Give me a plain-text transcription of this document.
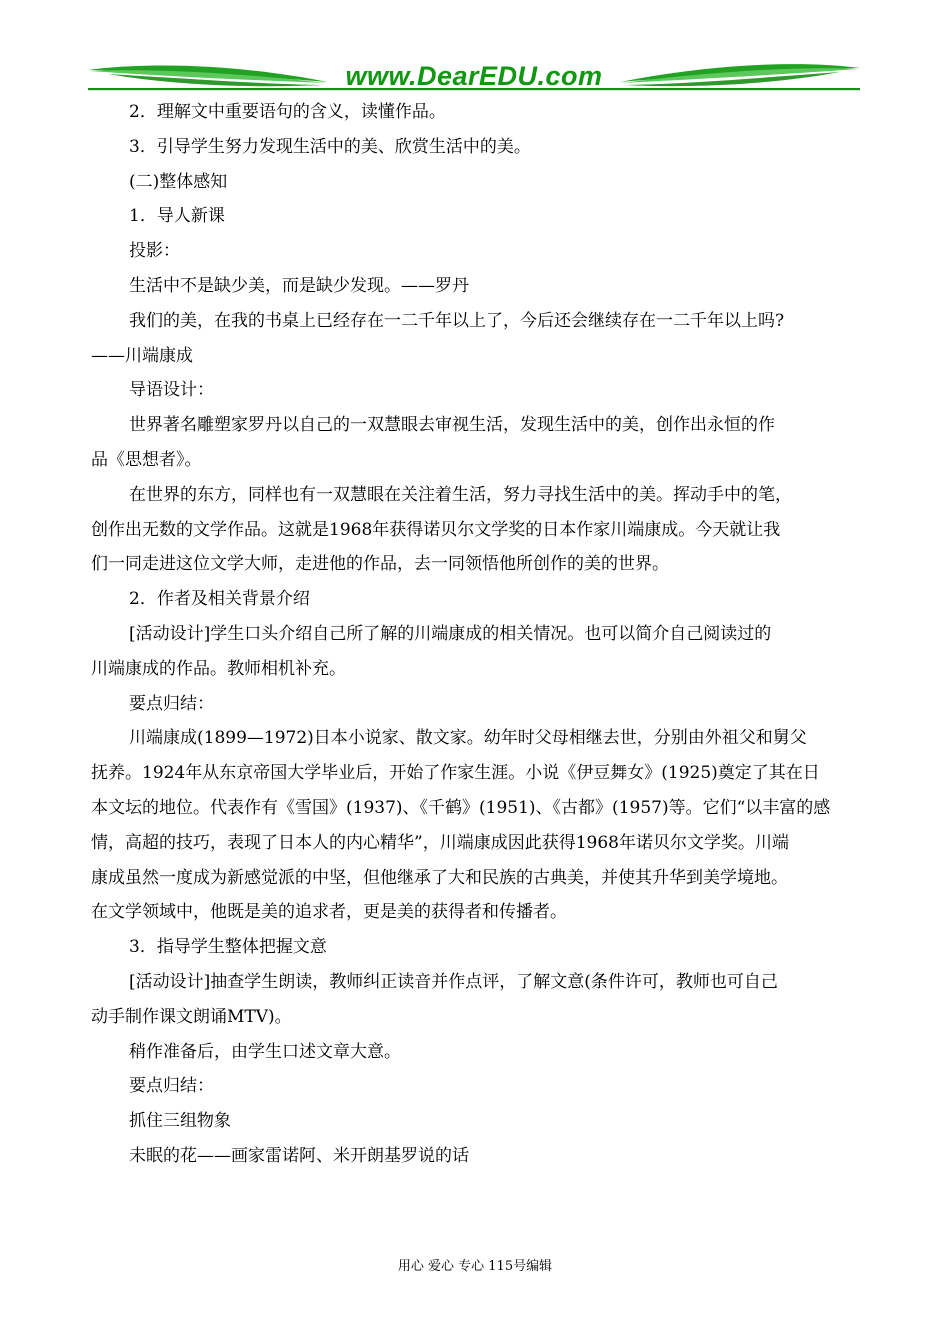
www.DearEDU.com
2．理解文中重要语句的含义，读懂作品。
3．引导学生努力发现生活中的美、欣赏生活中的美。
(二)整体感知
1．导人新课
投影：
生活中不是缺少美，而是缺少发现。——罗丹
我们的美，在我的书桌上已经存在一二千年以上了，今后还会继续存在一二千年以上吗?
——川端康成
导语设计：
世界著名雕塑家罗丹以自己的一双慧眼去审视生活，发现生活中的美，创作出永恒的作
品《思想者》。
在世界的东方，同样也有一双慧眼在关注着生活，努力寻找生活中的美。挥动手中的笔，
创作出无数的文学作品。这就是1968年获得诺贝尔文学奖的日本作家川端康成。今天就让我
们一同走进这位文学大师，走进他的作品，去一同领悟他所创作的美的世界。
2．作者及相关背景介绍
[活动设计]学生口头介绍自己所了解的川端康成的相关情况。也可以简介自己阅读过的
川端康成的作品。教师相机补充。
要点归结：
川端康成(1899—1972)日本小说家、散文家。幼年时父母相继去世，分别由外祖父和舅父
抚养。1924年从东京帝国大学毕业后，开始了作家生涯。小说《伊豆舞女》(1925)奠定了其在日
本文坛的地位。代表作有《雪国》(1937)、《千鹤》(1951)、《古都》(1957)等。它们“以丰富的感
情，高超的技巧，表现了日本人的内心精华”，川端康成因此获得1968年诺贝尔文学奖。川端
康成虽然一度成为新感觉派的中坚，但他继承了大和民族的古典美，并使其升华到美学境地。
在文学领域中，他既是美的追求者，更是美的获得者和传播者。
3．指导学生整体把握文意
[活动设计]抽查学生朗读，教师纠正读音并作点评，了解文意(条件许可，教师也可自己
动手制作课文朗诵MTV)。
稍作准备后，由学生口述文章大意。
要点归结：
抓住三组物象
未眠的花——画家雷诺阿、米开朗基罗说的话
用心 爱心 专心 115号编辑
